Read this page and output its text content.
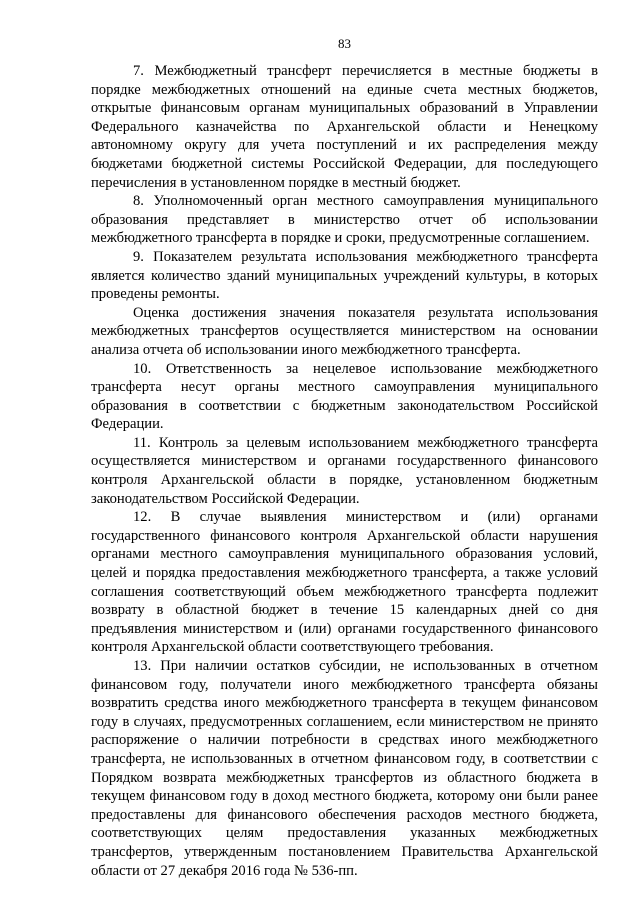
83

7. Межбюджетный трансферт перечисляется в местные бюджеты в порядке межбюджетных отношений на единые счета местных бюджетов, открытые финансовым органам муниципальных образований в Управлении Федерального казначейства по Архангельской области и Ненецкому автономному округу для учета поступлений и их распределения между бюджетами бюджетной системы Российской Федерации, для последующего перечисления в установленном порядке в местный бюджет.

8. Уполномоченный орган местного самоуправления муниципального образования представляет в министерство отчет об использовании межбюджетного трансферта в порядке и сроки, предусмотренные соглашением.

9. Показателем результата использования межбюджетного трансферта является количество зданий муниципальных учреждений культуры, в которых проведены ремонты.

Оценка достижения значения показателя результата использования межбюджетных трансфертов осуществляется министерством на основании анализа отчета об использовании иного межбюджетного трансферта.

10. Ответственность за нецелевое использование межбюджетного трансферта несут органы местного самоуправления муниципального образования в соответствии с бюджетным законодательством Российской Федерации.

11. Контроль за целевым использованием межбюджетного трансферта осуществляется министерством и органами государственного финансового контроля Архангельской области в порядке, установленном бюджетным законодательством Российской Федерации.

12. В случае выявления министерством и (или) органами государственного финансового контроля Архангельской области нарушения органами местного самоуправления муниципального образования условий, целей и порядка предоставления межбюджетного трансферта, а также условий соглашения соответствующий объем межбюджетного трансферта подлежит возврату в областной бюджет в течение 15 календарных дней со дня предъявления министерством и (или) органами государственного финансового контроля Архангельской области соответствующего требования.

13. При наличии остатков субсидии, не использованных в отчетном финансовом году, получатели иного межбюджетного трансферта обязаны возвратить средства иного межбюджетного трансферта в текущем финансовом году в случаях, предусмотренных соглашением, если министерством не принято распоряжение о наличии потребности в средствах иного межбюджетного трансферта, не использованных в отчетном финансовом году, в соответствии с Порядком возврата межбюджетных трансфертов из областного бюджета в текущем финансовом году в доход местного бюджета, которому они были ранее предоставлены для финансового обеспечения расходов местного бюджета, соответствующих целям предоставления указанных межбюджетных трансфертов, утвержденным постановлением Правительства Архангельской области от 27 декабря 2016 года № 536-пп.
